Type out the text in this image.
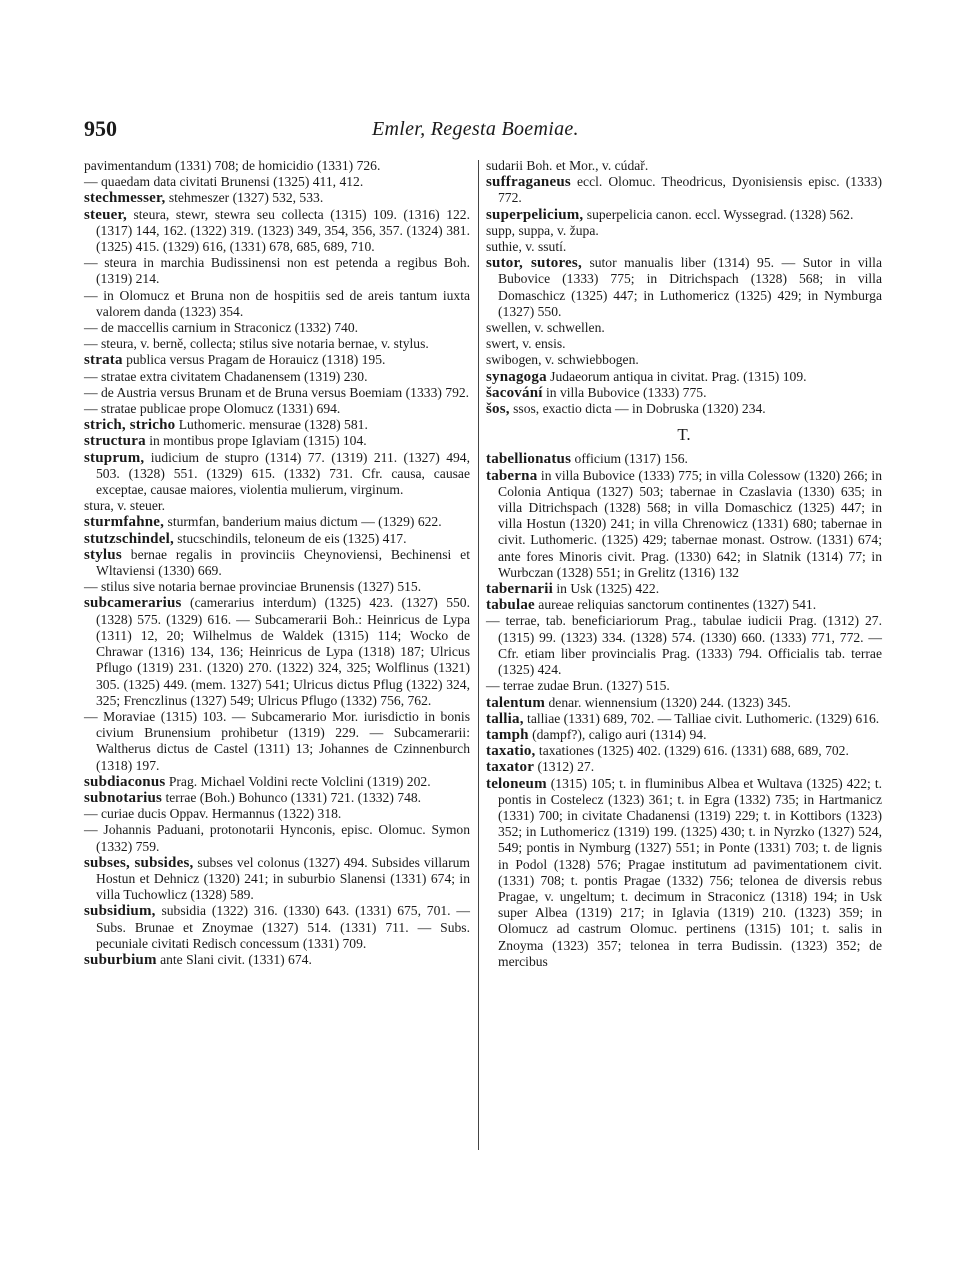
950	Emler, Regesta Boemiae.

pavimentandum (1331) 708; de homicidio (1331) 726.

— quaedam data civitati Brunensi (1325) 411, 412.

stechmesser, stehmeszer (1327) 532, 533.

steuer, steura, stewr, stewra seu collecta (1315) 109. (1316) 122. (1317) 144, 162. (1322) 319. (1323) 349, 354, 356, 357. (1324) 381. (1325) 415. (1329) 616, (1331) 678, 685, 689, 710.

— steura in marchia Budissinensi non est petenda a regibus Boh. (1319) 214.

— in Olomucz et Bruna non de hospitiis sed de areis tantum iuxta valorem danda (1323) 354.

— de maccellis carnium in Straconicz (1332) 740.

— steura, v. berně, collecta; stilus sive notaria bernae, v. stylus.

strata publica versus Pragam de Horauicz (1318) 195.

— stratae extra civitatem Chadanensem (1319) 230.

— de Austria versus Brunam et de Bruna versus Boemiam (1333) 792.

— stratae publicae prope Olomucz (1331) 694.

strich, stricho Luthomeric. mensurae (1328) 581.

structura in montibus prope Iglaviam (1315) 104.

stuprum, iudicium de stupro (1314) 77. (1319) 211. (1327) 494, 503. (1328) 551. (1329) 615. (1332) 731. Cfr. causa, causae exceptae, causae maiores, violentia mulierum, virginum.

stura, v. steuer.

sturmfahne, sturmfan, banderium maius dictum — (1329) 622.

stutzschindel, stucschindils, teloneum de eis (1325) 417.

stylus bernae regalis in provinciis Cheynoviensi, Bechinensi et Wltaviensi (1330) 669.

— stilus sive notaria bernae provinciae Brunensis (1327) 515.

subcamerarius (camerarius interdum) (1325) 423. (1327) 550. (1328) 575. (1329) 616. — Subcamerarii Boh.: Heinricus de Lypa (1311) 12, 20; Wilhelmus de Waldek (1315) 114; Wocko de Chrawar (1316) 134, 136; Heinricus de Lypa (1318) 187; Ulricus Pflugo (1319) 231. (1320) 270. (1322) 324, 325; Wolflinus (1321) 305. (1325) 449. (mem. 1327) 541; Ulricus dictus Pflug (1322) 324, 325; Frenczlinus (1327) 549; Ulricus Pflugo (1332) 756, 762.

— Moraviae (1315) 103. — Subcamerario Mor. iurisdictio in bonis civium Brunensium prohibetur (1319) 229. — Subcamerarii: Waltherus dictus de Castel (1311) 13; Johannes de Czinnenburch (1318) 197.

subdiaconus Prag. Michael Voldini recte Volclini (1319) 202.

subnotarius terrae (Boh.) Bohunco (1331) 721. (1332) 748.

— curiae ducis Oppav. Hermannus (1322) 318.

— Johannis Paduani, protonotarii Hynconis, episc. Olomuc. Symon (1332) 759.

subses, subsides, subses vel colonus (1327) 494. Subsides villarum Hostun et Dehnicz (1320) 241; in suburbio Slanensi (1331) 674; in villa Tuchowlicz (1328) 589.

subsidium, subsidia (1322) 316. (1330) 643. (1331) 675, 701. — Subs. Brunae et Znoymae (1327) 514. (1331) 711. — Subs. pecuniale civitati Redisch concessum (1331) 709.

suburbium ante Slani civit. (1331) 674.

sudarii Boh. et Mor., v. cúdař.

suffraganeus eccl. Olomuc. Theodricus, Dyonisiensis episc. (1333) 772.

superpelicium, superpelicia canon. eccl. Wyssegrad. (1328) 562.

supp, suppa, v. župa.

suthie, v. ssutí.

sutor, sutores, sutor manualis liber (1314) 95. — Sutor in villa Bubovice (1333) 775; in Ditrichspach (1328) 568; in villa Domaschicz (1325) 447; in Luthomericz (1325) 429; in Nymburga (1327) 550.

swellen, v. schwellen.

swert, v. ensis.

swibogen, v. schwiebbogen.

synagoga Judaeorum antiqua in civitat. Prag. (1315) 109.

šacování in villa Bubovice (1333) 775.

šos, ssos, exactio dicta — in Dobruska (1320) 234.

T.

tabellionatus officium (1317) 156.

taberna in villa Bubovice (1333) 775; in villa Colessow (1320) 266; in Colonia Antiqua (1327) 503; tabernae in Czaslavia (1330) 635; in villa Ditrichspach (1328) 568; in villa Domaschicz (1325) 447; in villa Hostun (1320) 241; in villa Chrenowicz (1331) 680; tabernae in civit. Luthomeric. (1325) 429; tabernae monast. Ostrow. (1331) 674; ante fores Minoris civit. Prag. (1330) 642; in Slatnik (1314) 77; in Wurbczan (1328) 551; in Grelitz (1316) 132

tabernarii in Usk (1325) 422.

tabulae aureae reliquias sanctorum continentes (1327) 541.

— terrae, tab. beneficiariorum Prag., tabulae iudicii Prag. (1312) 27. (1315) 99. (1323) 334. (1328) 574. (1330) 660. (1333) 771, 772. — Cfr. etiam liber provincialis Prag. (1333) 794. Officialis tab. terrae (1325) 424.

— terrae zudae Brun. (1327) 515.

talentum denar. wiennensium (1320) 244. (1323) 345.

tallia, talliae (1331) 689, 702. — Talliae civit. Luthomeric. (1329) 616.

tamph (dampf?), caligo auri (1314) 94.

taxatio, taxationes (1325) 402. (1329) 616. (1331) 688, 689, 702.

taxator (1312) 27.

teloneum (1315) 105; t. in fluminibus Albea et Wultava (1325) 422; t. pontis in Costelecz (1323) 361; t. in Egra (1332) 735; in Hartmanicz (1331) 700; in civitate Chadanensi (1319) 229; t. in Kottibors (1323) 352; in Luthomericz (1319) 199. (1325) 430; t. in Nyrzko (1327) 524, 549; pontis in Nymburg (1327) 551; in Ponte (1331) 703; t. de lignis in Podol (1328) 576; Pragae institutum ad pavimentationem civit. (1331) 708; t. pontis Pragae (1332) 756; telonea de diversis rebus Pragae, v. ungeltum; t. decimum in Straconicz (1318) 194; in Usk super Albea (1319) 217; in Iglavia (1319) 210. (1323) 359; in Olomucz ad castrum Olomuc. pertinens (1315) 101; t. salis in Znoyma (1323) 357; telonea in terra Budissin. (1323) 352; de mercibus
